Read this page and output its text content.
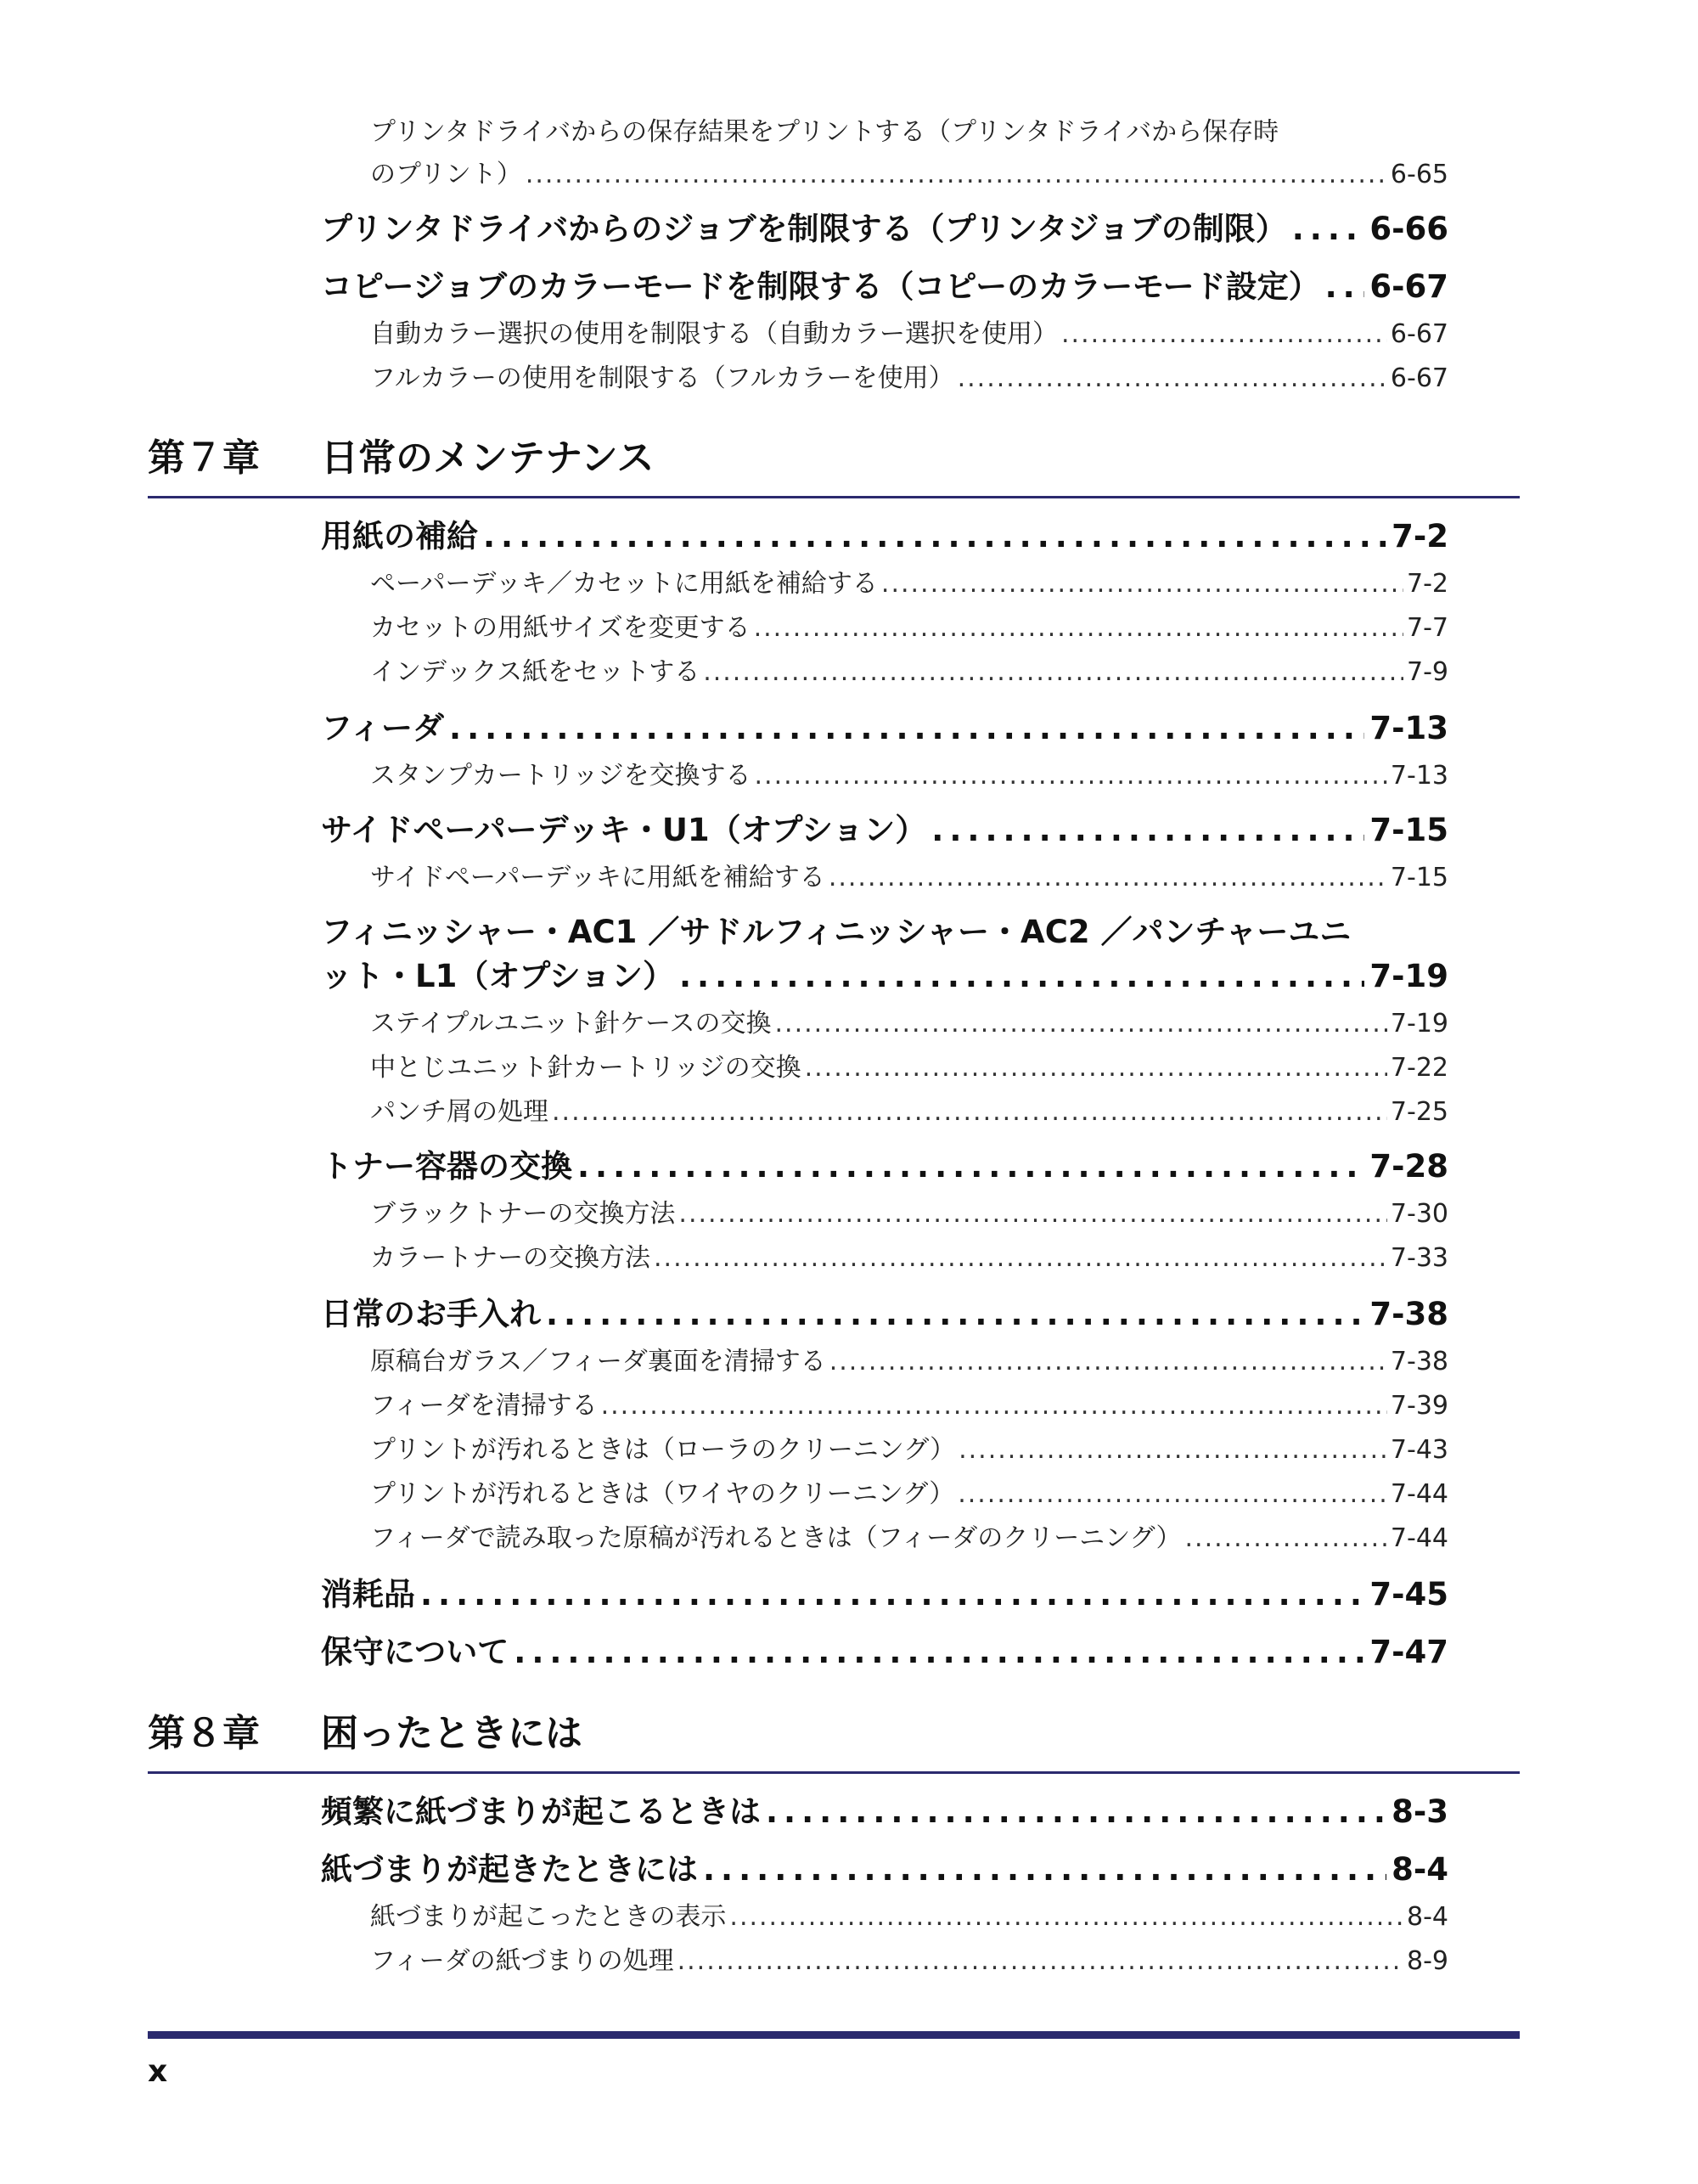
プリンタドライバからの保存結果をプリントする（プリンタドライバから保存時
のプリント） .....	6-65
プリンタドライバからのジョブを制限する（プリンタジョブの制限） .....	6-66
コピージョブのカラーモードを制限する（コピーのカラーモード設定） ..... 6-67
自動カラー選択の使用を制限する（自動カラー選択を使用） .....	6-67
フルカラーの使用を制限する（フルカラーを使用） .....	6-67
第７章 日常のメンテナンス
用紙の補給 .....	7-2
ペーパーデッキ／カセットに用紙を補給する .....	7-2
カセットの用紙サイズを変更する .....	7-7
インデックス紙をセットする .....	7-9
フィーダ .....	7-13
スタンプカートリッジを交換する .....	7-13
サイドペーパーデッキ・U1（オプション） .....	7-15
サイドペーパーデッキに用紙を補給する .....	7-15
フィニッシャー・AC1 ／サドルフィニッシャー・AC2 ／パンチャーユニ
ット・L1（オプション） .....	7-19
ステイプルユニット針ケースの交換 .....	7-19
中とじユニット針カートリッジの交換 .....	7-22
パンチ屑の処理 .....	7-25
トナー容器の交換 .....	7-28
ブラックトナーの交換方法 .....	7-30
カラートナーの交換方法 .....	7-33
日常のお手入れ .....	7-38
原稿台ガラス／フィーダ裏面を清掃する .....	7-38
フィーダを清掃する .....	7-39
プリントが汚れるときは（ローラのクリーニング） .....	7-43
プリントが汚れるときは（ワイヤのクリーニング） .....	7-44
フィーダで読み取った原稿が汚れるときは（フィーダのクリーニング） .....	7-44
消耗品 .....	7-45
保守について .....	7-47
第８章 困ったときには
頻繁に紙づまりが起こるときは .....	8-3
紙づまりが起きたときには .....	8-4
紙づまりが起こったときの表示 .....	8-4
フィーダの紙づまりの処理 .....	8-9
x
